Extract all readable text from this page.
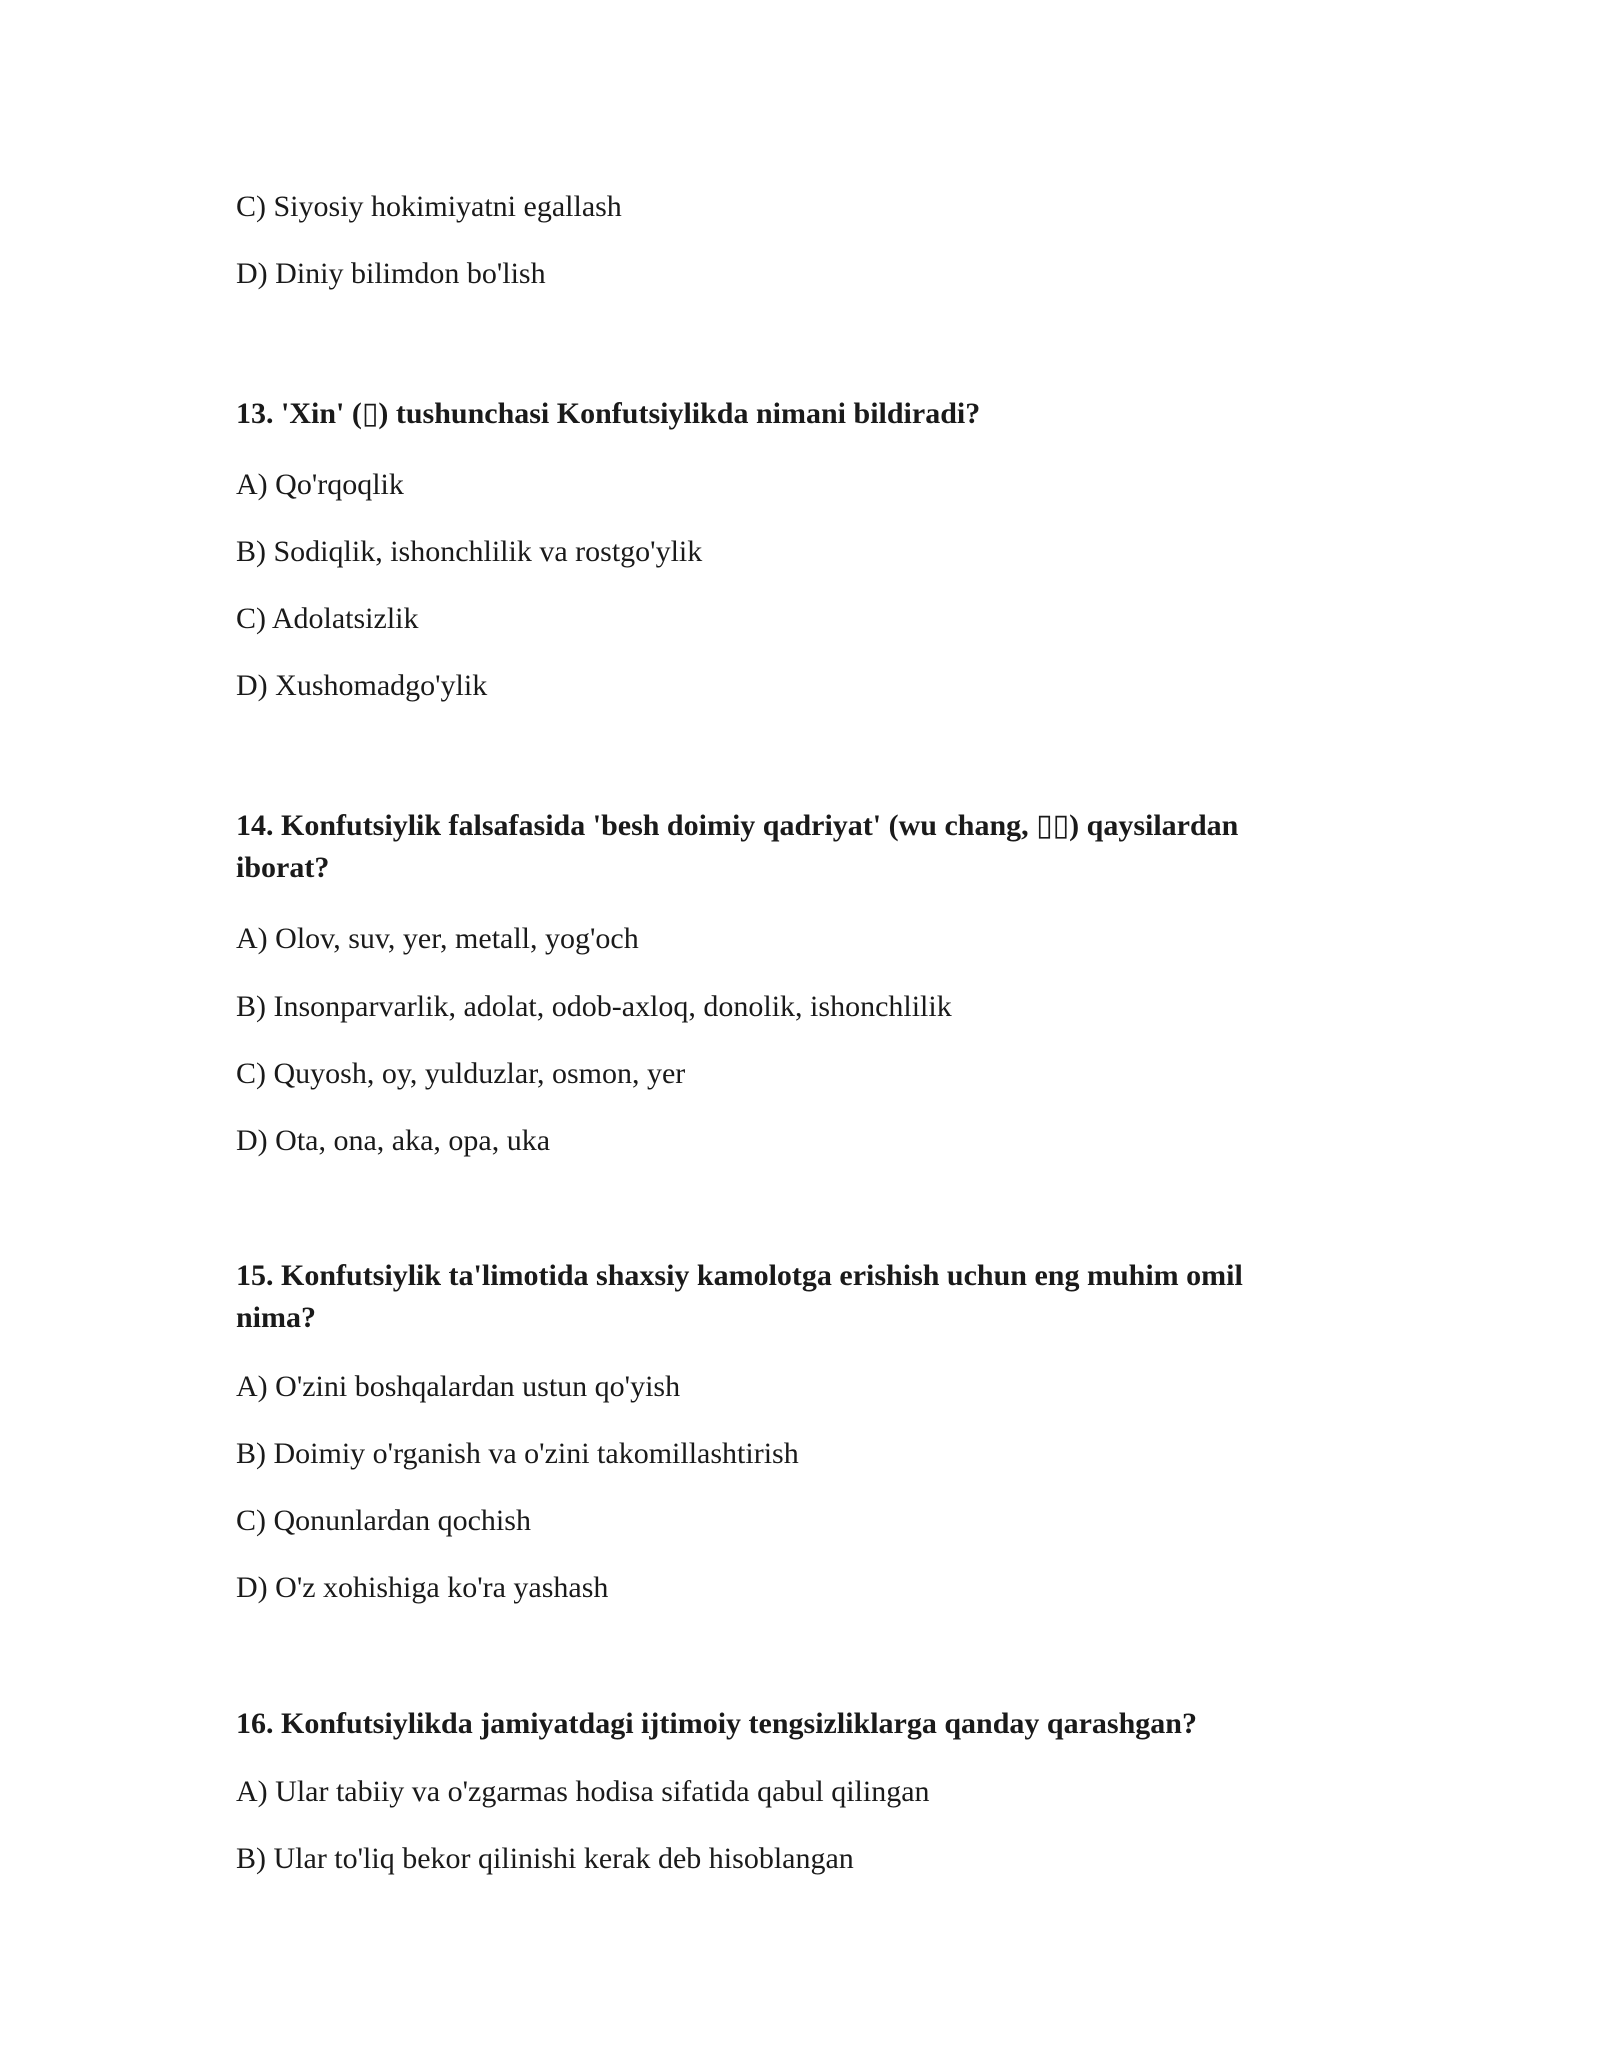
C) Siyosiy hokimiyatni egallash
D) Diniy bilimdon bo'lish
13. 'Xin' (▯) tushunchasi Konfutsiylikda nimani bildiradi?
A) Qo'rqoqlik
B) Sodiqlik, ishonchlilik va rostgo'ylik
C) Adolatsizlik
D) Xushomadgo'ylik
14. Konfutsiylik falsafasida 'besh doimiy qadriyat' (wu chang, ▯▯) qaysilardan iborat?
A) Olov, suv, yer, metall, yog'och
B) Insonparvarlik, adolat, odob-axloq, donolik, ishonchlilik
C) Quyosh, oy, yulduzlar, osmon, yer
D) Ota, ona, aka, opa, uka
15. Konfutsiylik ta'limotida shaxsiy kamolotga erishish uchun eng muhim omil nima?
A) O'zini boshqalardan ustun qo'yish
B) Doimiy o'rganish va o'zini takomillashtirish
C) Qonunlardan qochish
D) O'z xohishiga ko'ra yashash
16. Konfutsiylikda jamiyatdagi ijtimoiy tengsizliklarga qanday qarashgan?
A) Ular tabiiy va o'zgarmas hodisa sifatida qabul qilingan
B) Ular to'liq bekor qilinishi kerak deb hisoblangan
